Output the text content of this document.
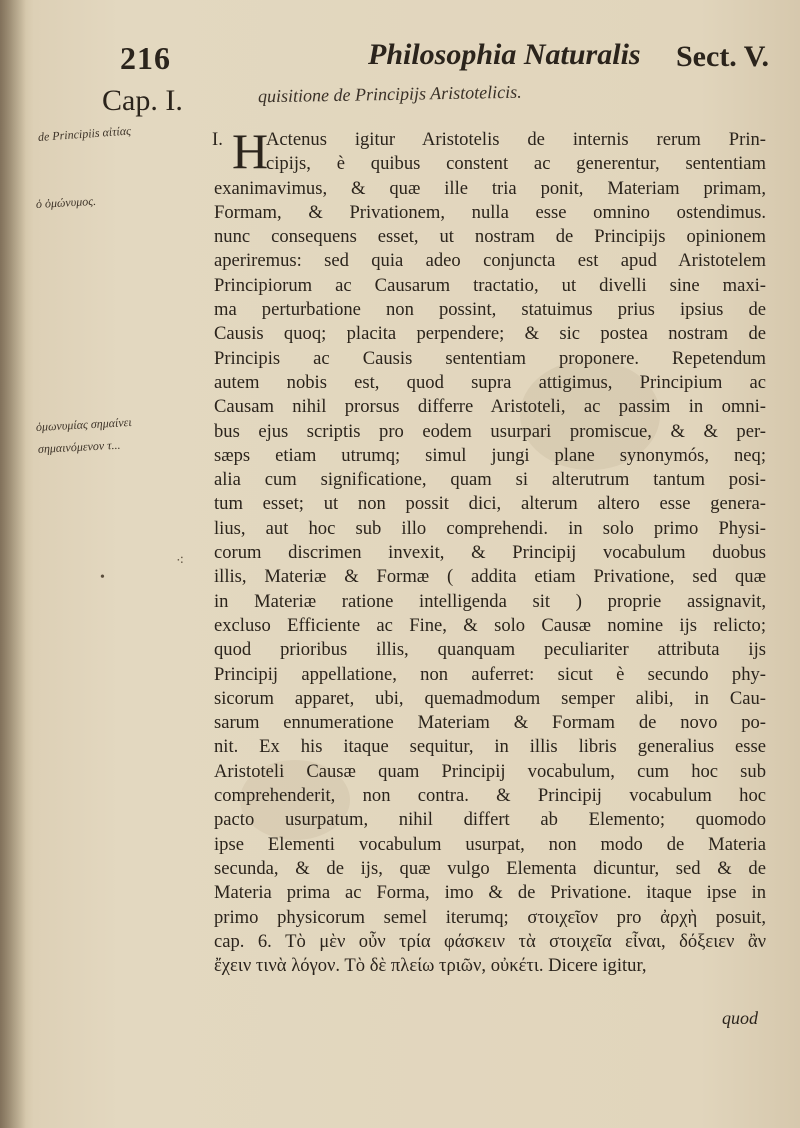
216	Philosophia Naturalis Sect. V.
Cap. I.	quisitione de Principijs Aristotelicis.
de Principiis αἰτίας
ὁ ὁμώνυμος.
ὁμωνυμίας σημαίνει
σημαινόμενον τ...
⁖
•
I. H
Actenus igitur Aristotelis de internis rerum Prin-
cipijs, è quibus constent ac generentur, sententiam
exanimavimus, & quæ ille tria ponit, Materiam primam,
Formam, & Privationem, nulla esse omnino ostendimus.
nunc consequens esset, ut nostram de Principijs opinionem
aperiremus: sed quia adeo conjuncta est apud Aristotelem
Principiorum ac Causarum tractatio, ut divelli sine maxi-
ma perturbatione non possint, statuimus prius ipsius de
Causis quoq; placita perpendere; & sic postea nostram de
Principis ac Causis sententiam proponere. Repetendum
autem nobis est, quod supra attigimus, Principium ac
Causam nihil prorsus differre Aristoteli, ac passim in omni-
bus ejus scriptis pro eodem usurpari promiscue, & & per-
sæps etiam utrumq; simul jungi plane synonymós, neq;
alia cum significatione, quam si alterutrum tantum posi-
tum esset; ut non possit dici, alterum altero esse genera-
lius, aut hoc sub illo comprehendi. in solo primo Physi-
corum discrimen invexit, & Principij vocabulum duobus
illis, Materiæ & Formæ ( addita etiam Privatione, sed quæ
in Materiæ ratione intelligenda sit ) proprie assignavit,
excluso Efficiente ac Fine, & solo Causæ nomine ijs relicto;
quod prioribus illis, quanquam peculiariter attributa ijs
Principij appellatione, non auferret: sicut è secundo phy-
sicorum apparet, ubi, quemadmodum semper alibi, in Cau-
sarum ennumeratione Materiam & Formam de novo po-
nit. Ex his itaque sequitur, in illis libris generalius esse
Aristoteli Causæ quam Principij vocabulum, cum hoc sub
comprehenderit, non contra. & Principij vocabulum hoc
pacto usurpatum, nihil differt ab Elemento; quomodo
ipse Elementi vocabulum usurpat, non modo de Materia
secunda, & de ijs, quæ vulgo Elementa dicuntur, sed & de
Materia prima ac Forma, imo & de Privatione. itaque ipse in
primo physicorum semel iterumq; στοιχεῖον pro ἀρχὴ posuit,
cap. 6. Τὸ μὲν οὖν τρία φάσκειν τὰ στοιχεῖα εἶναι, δόξειεν ἂν
ἔχειν τινὰ λόγον. Τὸ δὲ πλείω τριῶν, οὐκέτι. Dicere igitur,
quod
